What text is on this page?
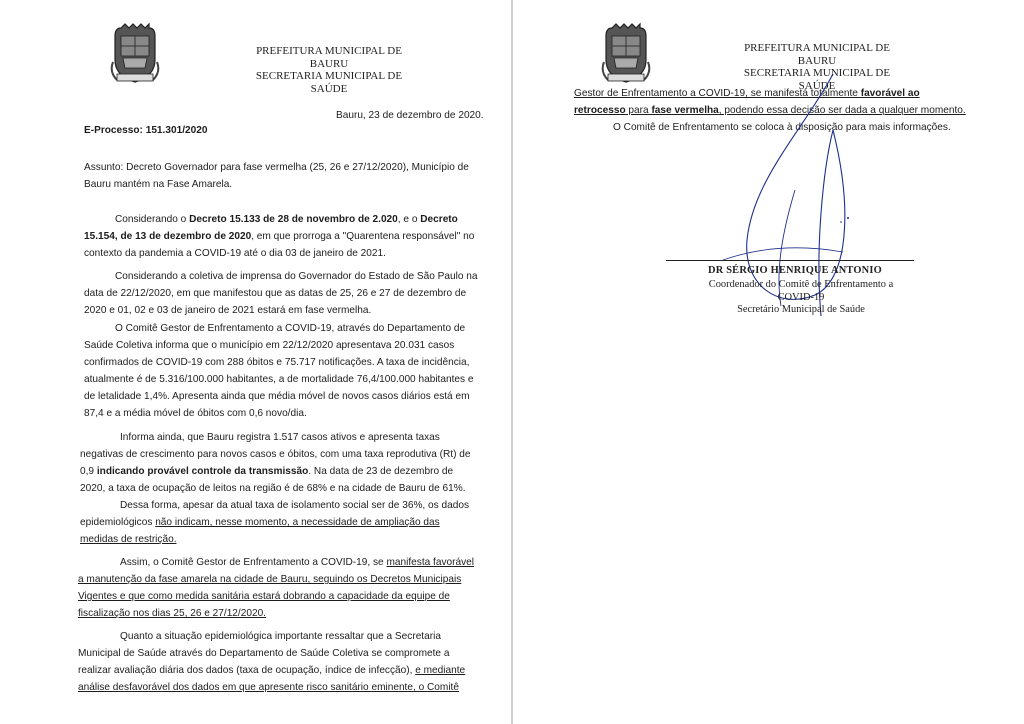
PREFEITURA MUNICIPAL DE BAURU
SECRETARIA MUNICIPAL DE SAÚDE
Bauru, 23 de dezembro de 2020.
E-Processo: 151.301/2020
Assunto: Decreto Governador para fase vermelha (25, 26 e 27/12/2020), Município de
Bauru mantém na Fase Amarela.
Considerando o Decreto 15.133 de 28 de novembro de 2.020, e o Decreto
15.154, de 13 de dezembro de 2020, em que prorroga a "Quarentena responsável" no
contexto da pandemia a COVID-19 até o dia 03 de janeiro de 2021.
Considerando a coletiva de imprensa do Governador do Estado de São Paulo na
data de 22/12/2020, em que manifestou que as datas de 25, 26 e 27 de dezembro de
2020 e 01, 02 e 03 de janeiro de 2021 estará em fase vermelha.
O Comitê Gestor de Enfrentamento a COVID-19, através do Departamento de
Saúde Coletiva informa que o município em 22/12/2020 apresentava 20.031 casos
confirmados de COVID-19 com 288 óbitos e 75.717 notificações. A taxa de incidência,
atualmente é de 5.316/100.000 habitantes, a de mortalidade 76,4/100.000 habitantes e
de letalidade 1,4%. Apresenta ainda que média móvel de novos casos diários está em
87,4 e a média móvel de óbitos com 0,6 novo/dia.
Informa ainda, que Bauru registra 1.517 casos ativos e apresenta taxas
negativas de crescimento para novos casos e óbitos, com uma taxa reprodutiva (Rt) de
0,9 indicando provável controle da transmissão. Na data de 23 de dezembro de
2020, a taxa de ocupação de leitos na região é de 68% e na cidade de Bauru de 61%.
Dessa forma, apesar da atual taxa de isolamento social ser de 36%, os dados
epidemiológicos não indicam, nesse momento, a necessidade de ampliação das
medidas de restrição.
Assim, o Comitê Gestor de Enfrentamento a COVID-19, se manifesta favorável
a manutenção da fase amarela na cidade de Bauru, seguindo os Decretos Municipais
Vigentes e que como medida sanitária estará dobrando a capacidade da equipe de
fiscalização nos dias 25, 26 e 27/12/2020.
Quanto a situação epidemiológica importante ressaltar que a Secretaria
Municipal de Saúde através do Departamento de Saúde Coletiva se compromete a
realizar avaliação diária dos dados (taxa de ocupação, índice de infecção), e mediante
análise desfavorável dos dados em que apresente risco sanitário eminente, o Comitê
PREFEITURA MUNICIPAL DE BAURU
SECRETARIA MUNICIPAL DE SAÚDE
Gestor de Enfrentamento a COVID-19, se manifestá totalmente favorável ao
retrocesso para fase vermelha, podendo essa decisão ser dada a qualquer momento.
O Comitê de Enfrentamento se coloca à disposição para mais informações.
DR SÉRGIO HENRIQUE ANTONIO
Coordenador do Comitê de Enfrentamento a
COVID-19
Secretário Municipal de Saúde
